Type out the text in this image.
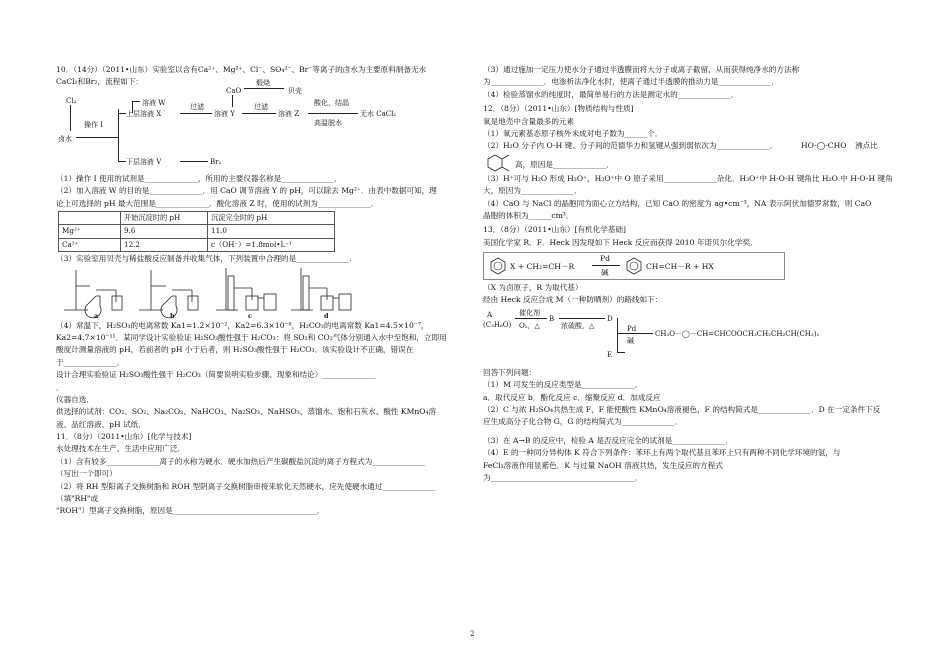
10．（14分）（2011•山东）实验室以含有Ca²⁺、Mg²⁺、Cl⁻、SO₄²⁻、Br⁻等离子的卤水为主要原料制备无水
CaCl₂和Br₂，流程如下：
Cl₂
操作 I
卤水
溶液 W
上层溶液 X
过滤
溶液 Y
过滤
溶液 Z
酸化，结晶
高温脱水
无水 CaCl₂
CaO
煅烧
贝壳
下层溶液 V	Br₂
（1）操作 I 使用的试剂是______________，所用的主要仪器名称是______________．
（2）加入溶液 W 的目的是______________．用 CaO 调节溶液 Y 的 pH，可以除去 Mg²⁺．由表中数据可知，理
论上可选择的 pH 最大范围是______________．酸化溶液 Z 时，使用的试剂为______________．
	开始沉淀时的 pH	沉淀完全时的 pH
Mg²⁺	9.6	11.0
Ca²⁺	12.2	c（OH⁻）=1.8mol•L⁻¹
（3）实验室用贝壳与稀盐酸反应制备并收集气体，下列装置中合理的是______________．
a	b	c	d
（4）常温下，H₂SO₃的电离常数 Ka1=1.2×10⁻²，Ka2=6.3×10⁻⁸，H₂CO₃的电离常数 Ka1=4.5×10⁻⁷，
Ka2=4.7×10⁻¹¹．某同学设计实验验证 H₂SO₃酸性强于 H₂CO₃：将 SO₂和 CO₂气体分别通入水中至饱和，立即用
酸度计测量溶液的 pH，若前者的 pH 小于后者，则 H₂SO₃酸性强于 H₂CO₃．该实验设计不正确，错误在
于______________．
设计合理实验验证 H₂SO₃酸性强于 H₂CO₃（简要说明实验步骤、现象和结论）______________
．
仪器自选．
供选择的试剂：CO₂、SO₂、Na₂CO₃、NaHCO₃、Na₂SO₃、NaHSO₃、蒸馏水、饱和石灰水、酸性 KMnO₄溶
液、品红溶液、pH 试纸．
11．（8分）（2011•山东）[化学与技术]
水处理技术在生产、生活中应用广泛．
（1）含有较多______________离子的水称为硬水．硬水加热后产生碳酸盐沉淀的离子方程式为______________
（写出一个即可）
（2）将 RH 型阳离子交换树脂和 ROH 型阴离子交换树脂串接来软化天然硬水，应先使硬水通过______________
（填"RH"或
"ROH"）型离子交换树脂，原因是______________________________________．
（3）通过施加一定压力使水分子通过半透膜而将大分子或离子截留，从而获得纯净水的方法称
为______________．电渗析法净化水时，使离子通过半透膜的推动力是______________．
（4）检验蒸馏水的纯度时，最简单易行的方法是测定水的______________．
12．（8分）（2011•山东）[物质结构与性质]
氧是地壳中含量最多的元素
（1）氧元素基态原子核外未成对电子数为______个．
（2）H₂O 分子内 O-H 键、分子间的范德华力和氢键从强到弱依次为______________．	HO-◯-CHO 沸点比
高，原因是______________．
（3）H⁺可与 H₂O 形成 H₃O⁺，H₃O⁺中 O 原子采用______________杂化．H₃O⁺中 H-O-H 键角比 H₂O 中 H-O-H 键角
大，原因为______________．
（4）CaO 与 NaCl 的晶胞同为面心立方结构，已知 CaO 的密度为 ag•cm⁻³，NA 表示阿伏加德罗常数，则 CaO
晶胞的体积为______cm³．
13．（8分）（2011•山东）[有机化学基础]
美国化学家 R．F．Heck 因发现如下 Heck 反应而获得 2010 年诺贝尔化学奖．
X + CH₂=CH－R
Pd
碱
CH=CH－R + HX
（X 为卤原子，R 为取代基）
经由 Heck 反应合成 M（一种防晒剂）的路线如下：
A
(C₃H₆O)
催化剂
O₂，△
B
浓硫酸，△
D
Pd
碱
CH₃O－◯－CH=CHCOOCH₂CH₂CH₂CH(CH₃)₂
E
回答下列问题：
（1）M 可发生的反应类型是______________．
a．取代反应 b．酯化反应 c．缩聚反应 d．加成反应
（2）C 与浓 H₂SO₄共热生成 F，F 能使酸性 KMnO₄溶液褪色，F 的结构简式是______________．D 在一定条件下反
应生成高分子化合物 G，G 的结构简式为______________．
（3）在 A→B 的反应中，检验 A 是否反应完全的试剂是______________．
（4）E 的一种同分异构体 K 符合下列条件：苯环上有两个取代基且苯环上只有两种不同化学环境的氢，与
FeCl₃溶液作用显紫色．K 与过量 NaOH 溶液共热，发生反应的方程式
为______________________________________．
2
